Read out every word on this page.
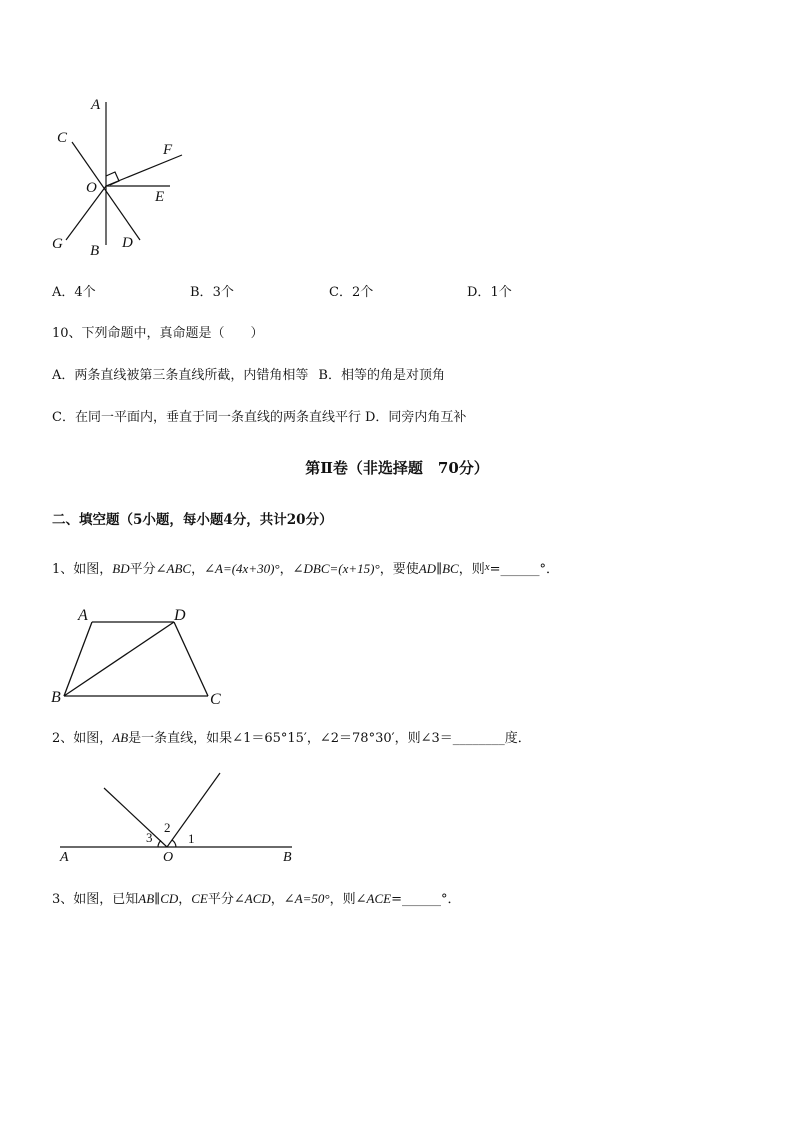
A
C
F
O
E
G B D
A．4个	B．3个	C．2个	D．1个
10、下列命题中，真命题是（　　）
A．两条直线被第三条直线所截，内错角相等 B．相等的角是对顶角
C．在同一平面内，垂直于同一条直线的两条直线平行 D．同旁内角互补
第Ⅱ卷（非选择题　70分）
二、填空题（5小题，每小题4分，共计20分）
1、如图，BD平分∠ABC，∠A=(4x+30)°，∠DBC=(x+15)°，要使AD∥BC，则$^x$=______°．
A	D
B	C
2、如图，AB是一条直线，如果∠1＝65°15′，∠2＝78°30′，则∠3＝________度．
3
2
1
A	O	B
3、如图，已知AB∥CD，CE平分∠ACD，∠A=50°，则∠ACE=______°．
